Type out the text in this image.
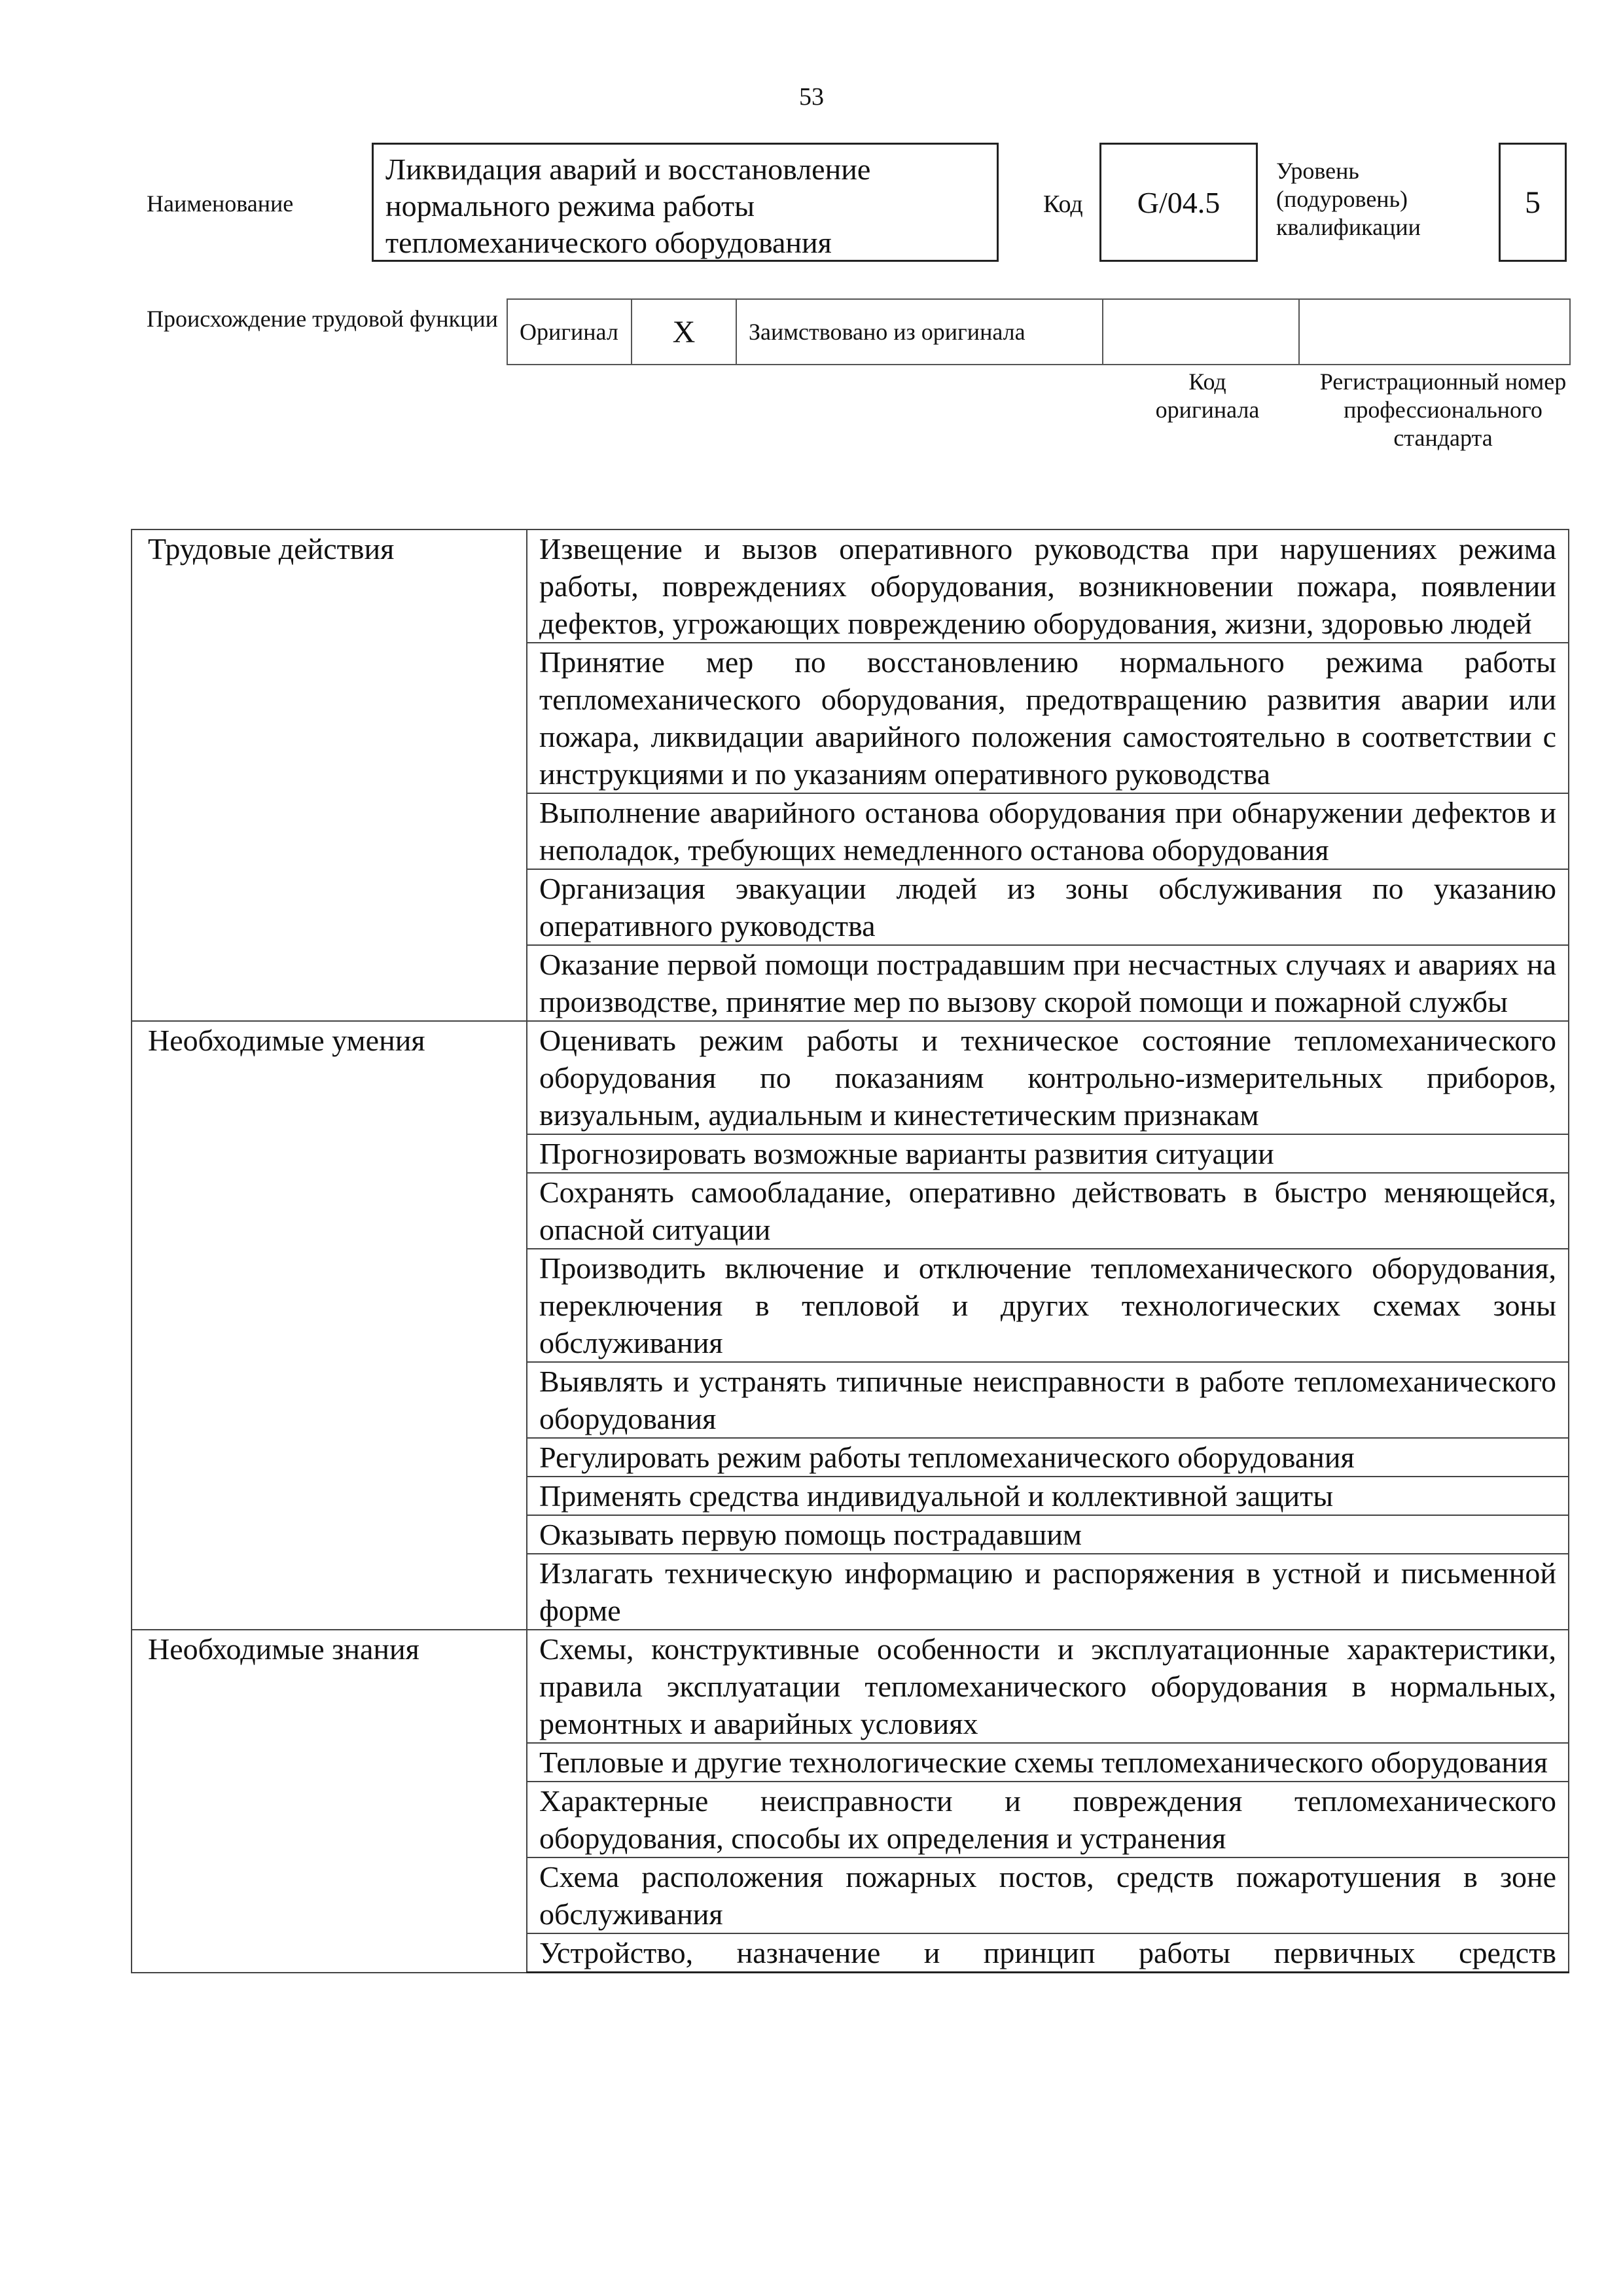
53
Наименование
Ликвидация аварий и восстановление нормального режима работы тепломеханического оборудования
Код	G/04.5
Уровень (подуровень) квалификации
5
Происхождение трудовой функции Оригинал	X	Заимствовано из оригинала		
Код оригинала
Регистрационный номер профессионального стандарта
Трудовые действия	Извещение и вызов оперативного руководства при нарушениях режима работы, повреждениях оборудования, возникновении пожара, появлении дефектов, угрожающих повреждению оборудования, жизни, здоровью людей
	Принятие мер по восстановлению нормального режима работы тепломеханического оборудования, предотвращению развития аварии или пожара, ликвидации аварийного положения самостоятельно в соответствии с инструкциями и по указаниям оперативного руководства
	Выполнение аварийного останова оборудования при обнаружении дефектов и неполадок, требующих немедленного останова оборудования
	Организация эвакуации людей из зоны обслуживания по указанию оперативного руководства
	Оказание первой помощи пострадавшим при несчастных случаях и авариях на производстве, принятие мер по вызову скорой помощи и пожарной службы
Необходимые умения	Оценивать режим работы и техническое состояние тепломеханического оборудования по показаниям контрольно-измерительных приборов, визуальным, аудиальным и кинестетическим признакам
	Прогнозировать возможные варианты развития ситуации
	Сохранять самообладание, оперативно действовать в быстро меняющейся, опасной ситуации
	Производить включение и отключение тепломеханического оборудования, переключения в тепловой и других технологических схемах зоны обслуживания
	Выявлять и устранять типичные неисправности в работе тепломеханического оборудования
	Регулировать режим работы тепломеханического оборудования
	Применять средства индивидуальной и коллективной защиты
	Оказывать первую помощь пострадавшим
	Излагать техническую информацию и распоряжения в устной и письменной форме
Необходимые знания	Схемы, конструктивные особенности и эксплуатационные характеристики, правила эксплуатации тепломеханического оборудования в нормальных, ремонтных и аварийных условиях
	Тепловые и другие технологические схемы тепломеханического оборудования
	Характерные неисправности и повреждения тепломеханического оборудования, способы их определения и устранения
	Схема расположения пожарных постов, средств пожаротушения в зоне обслуживания

	Устройство, назначение и принцип работы первичных средств
